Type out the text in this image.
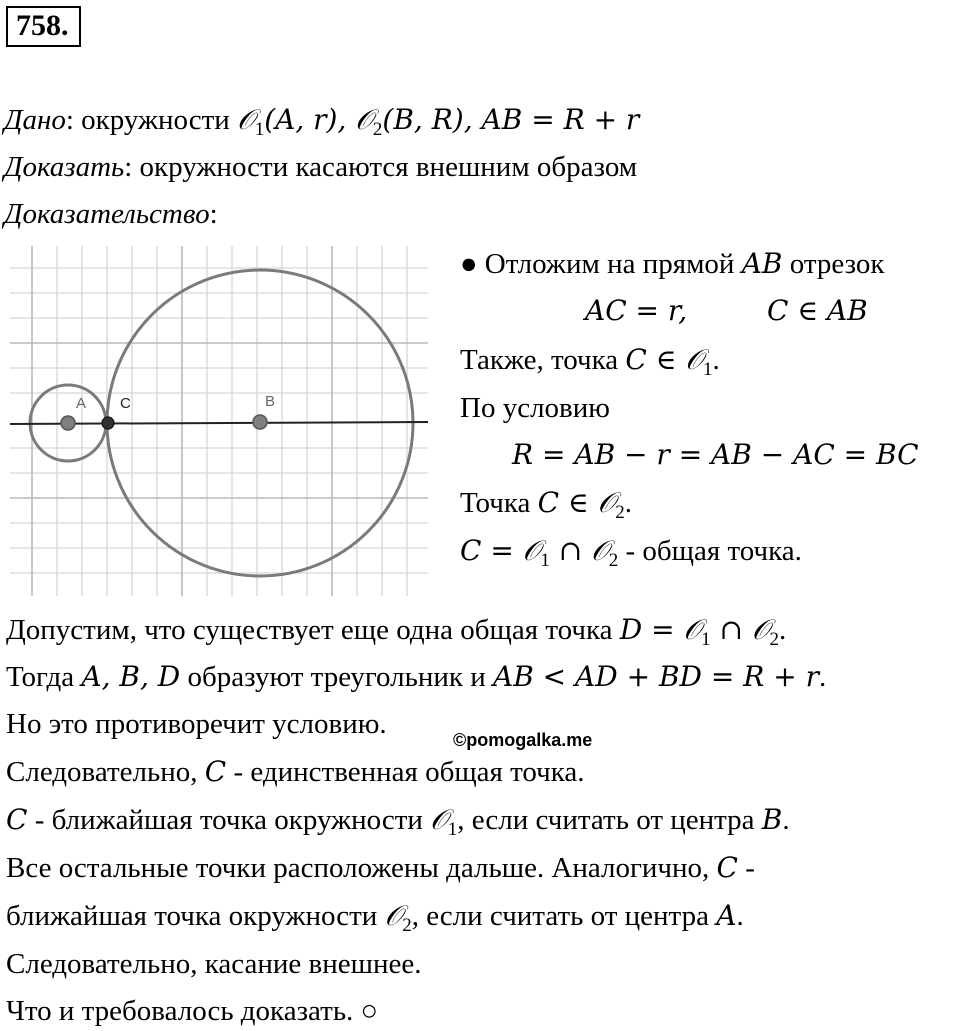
758.
Дано: окружности 𝒪$_1$(A, r), 𝒪$_2$(B, R), AB = R + r
Доказать: окружности касаются внешним образом
Доказательство:
A C	B
● Отложим на прямой AB отрезок
AC = r,	C ∈ AB
Также, точка C ∈ 𝒪$_1$.
По условию
R = AB − r = AB − AC = BC
Точка C ∈ 𝒪$_2$.
C = 𝒪$_1$ ∩ 𝒪$_2$ - общая точка.
Допустим, что существует еще одна общая точка D = 𝒪$_1$ ∩ 𝒪$_2$.
Тогда A, B, D образуют треугольник и AB < AD + BD = R + r.
Но это противоречит условию.	©pomogalka.me
Следовательно, C - единственная общая точка.
C - ближайшая точка окружности 𝒪$_1$, если считать от центра B.
Все остальные точки расположены дальше. Аналогично, C -
ближайшая точка окружности 𝒪$_2$, если считать от центра A.
Следовательно, касание внешнее.
Что и требовалось доказать. ○
